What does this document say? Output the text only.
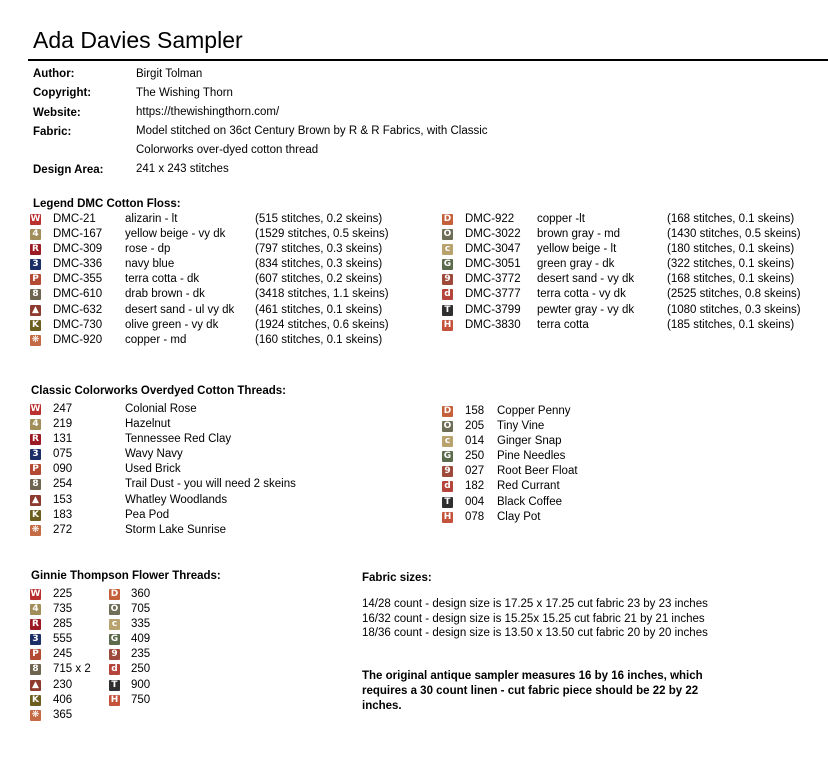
Ada Davies Sampler
Author:	Birgit Tolman
Copyright:	The Wishing Thorn
Website:	https://thewishingthorn.com/
Fabric:	Model stitched on 36ct Century Brown by R & R Fabrics, with Classic
Colorworks over-dyed cotton thread
Design Area:	241 x 243 stitches
Legend DMC Cotton Floss:
W DMC-21	alizarin - lt	(515 stitches, 0.2 skeins)
4 DMC-167 yellow beige - vy dk	(1529 stitches, 0.5 skeins)
R DMC-309 rose - dp	(797 stitches, 0.3 skeins)
3 DMC-336 navy blue	(834 stitches, 0.3 skeins)
P DMC-355 terra cotta - dk	(607 stitches, 0.2 skeins)
8 DMC-610 drab brown - dk	(3418 stitches, 1.1 skeins)
▲ DMC-632 desert sand - ul vy dk (461 stitches, 0.1 skeins)
K DMC-730 olive green - vy dk	(1924 stitches, 0.6 skeins)
❋ DMC-920 copper - md	(160 stitches, 0.1 skeins)
D DMC-922 copper -lt	(168 stitches, 0.1 skeins)
O DMC-3022 brown gray - md	(1430 stitches, 0.5 skeins)
c DMC-3047 yellow beige - lt	(180 stitches, 0.1 skeins)
G DMC-3051 green gray - dk	(322 stitches, 0.1 skeins)
9 DMC-3772 desert sand - vy dk	(168 stitches, 0.1 skeins)
d DMC-3777 terra cotta - vy dk	(2525 stitches, 0.8 skeins)
T DMC-3799 pewter gray - vy dk	(1080 stitches, 0.3 skeins)
H DMC-3830 terra cotta	(185 stitches, 0.1 skeins)
Classic Colorworks Overdyed Cotton Threads:
W 247	Colonial Rose
4 219	Hazelnut
R 131	Tennessee Red Clay
3 075	Wavy Navy
P 090	Used Brick
8 254	Trail Dust - you will need 2 skeins
▲ 153	Whatley Woodlands
K 183	Pea Pod
❋ 272	Storm Lake Sunrise
D 158 Copper Penny
O 205 Tiny Vine
c 014 Ginger Snap
G 250 Pine Needles
9 027 Root Beer Float
d 182 Red Currant
T 004 Black Coffee
H 078 Clay Pot
Ginnie Thompson Flower Threads:
W 225
4 735
R 285
3 555
P 245
8 715 x 2
▲ 230
K 406
❋ 365
D 360
O 705
c 335
G 409
9 235
d 250
T 900
H 750
Fabric sizes:
14/28 count - design size is 17.25 x 17.25 cut fabric 23 by 23 inches
16/32 count - design size is 15.25x 15.25 cut fabric 21 by 21 inches
18/36 count - design size is 13.50 x 13.50 cut fabric 20 by 20 inches
The original antique sampler measures 16 by 16 inches, which
requires a 30 count linen - cut fabric piece should be 22 by 22
inches.
